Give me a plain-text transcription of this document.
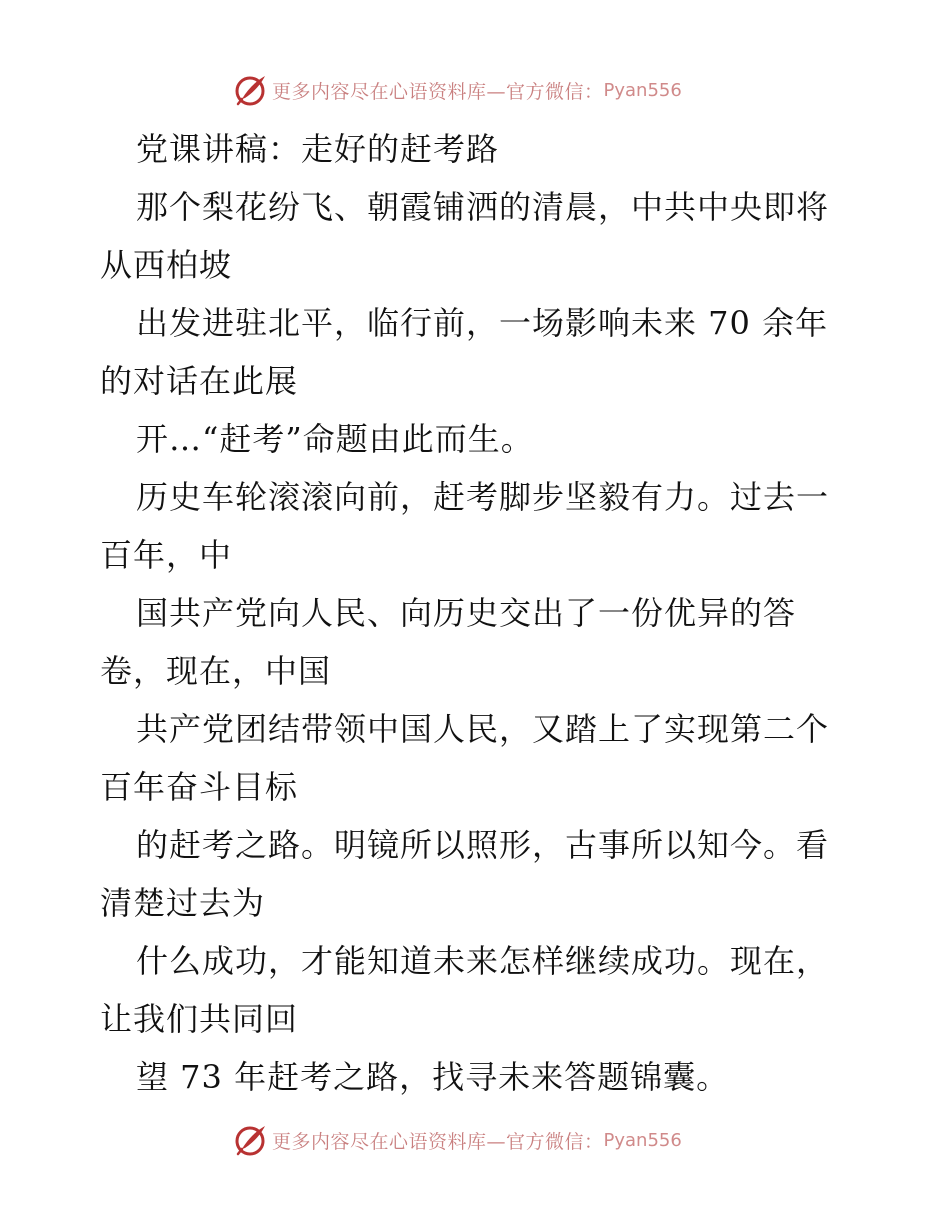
更多内容尽在心语资料库—官方微信： Pyan556
党课讲稿：走好的赶考路
那个梨花纷飞、朝霞铺洒的清晨，中共中央即将
从西柏坡
出发进驻北平，临行前，一场影响未来 70 余年
的对话在此展
开…“赶考”命题由此而生。
历史车轮滚滚向前，赶考脚步坚毅有力。过去一
百年，中
国共产党向人民、向历史交出了一份优异的答
卷，现在，中国
共产党团结带领中国人民，又踏上了实现第二个
百年奋斗目标
的赶考之路。明镜所以照形，古事所以知今。看
清楚过去为
什么成功，才能知道未来怎样继续成功。现在，
让我们共同回
望 73 年赶考之路，找寻未来答题锦囊。
更多内容尽在心语资料库—官方微信： Pyan556
